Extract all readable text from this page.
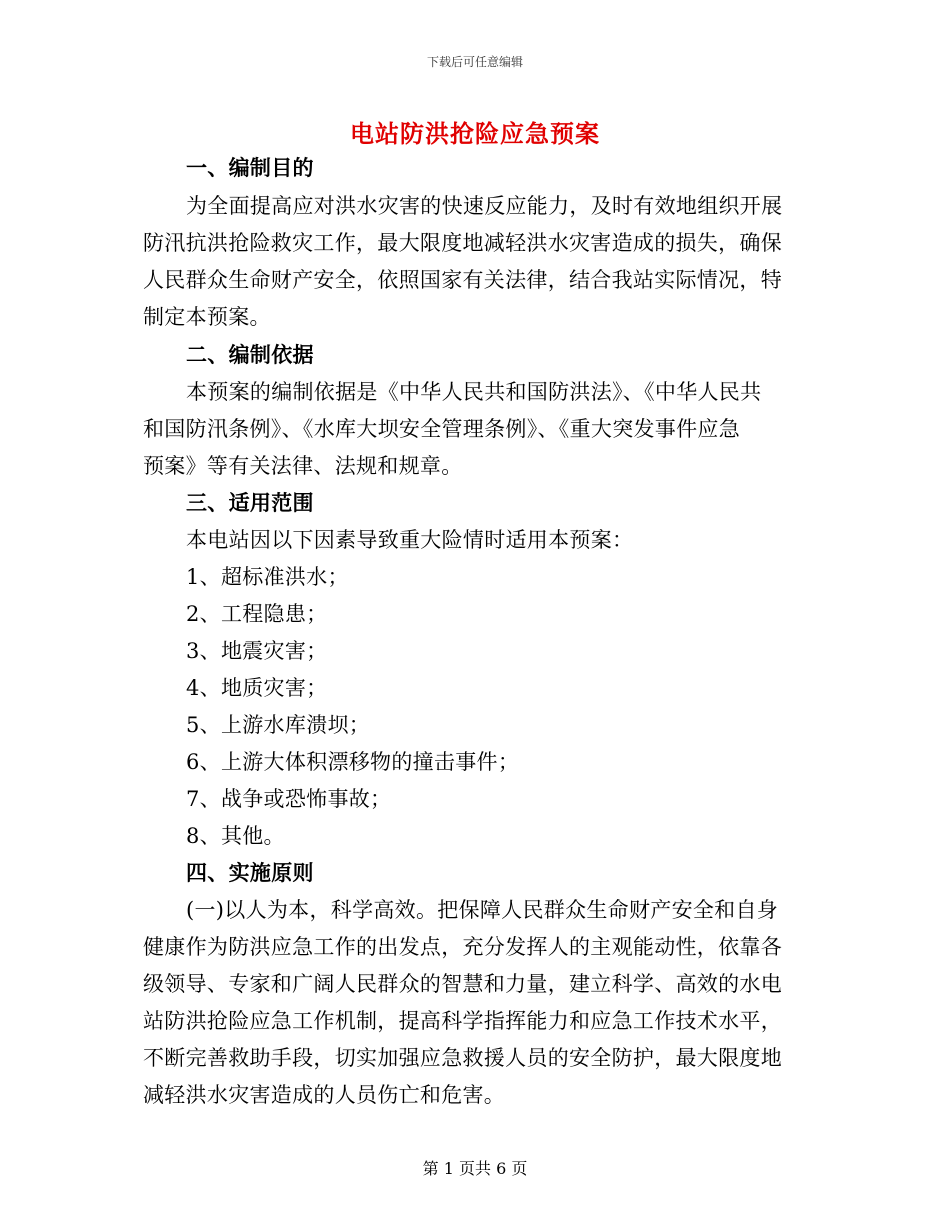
下载后可任意编辑
电站防洪抢险应急预案
一、编制目的
为全面提高应对洪水灾害的快速反应能力，及时有效地组织开展
防汛抗洪抢险救灾工作，最大限度地减轻洪水灾害造成的损失，确保
人民群众生命财产安全，依照国家有关法律，结合我站实际情况，特
制定本预案。
二、编制依据
本预案的编制依据是《中华人民共和国防洪法》、《中华人民共
和国防汛条例》、《水库大坝安全管理条例》、《重大突发事件应急
预案》等有关法律、法规和规章。
三、适用范围
本电站因以下因素导致重大险情时适用本预案：
1、超标准洪水；
2、工程隐患；
3、地震灾害；
4、地质灾害；
5、上游水库溃坝；
6、上游大体积漂移物的撞击事件；
7、战争或恐怖事故；
8、其他。
四、实施原则
(一)以人为本，科学高效。把保障人民群众生命财产安全和自身
健康作为防洪应急工作的出发点，充分发挥人的主观能动性，依靠各
级领导、专家和广阔人民群众的智慧和力量，建立科学、高效的水电
站防洪抢险应急工作机制，提高科学指挥能力和应急工作技术水平，
不断完善救助手段，切实加强应急救援人员的安全防护，最大限度地
减轻洪水灾害造成的人员伤亡和危害。
第 1 页共 6 页
